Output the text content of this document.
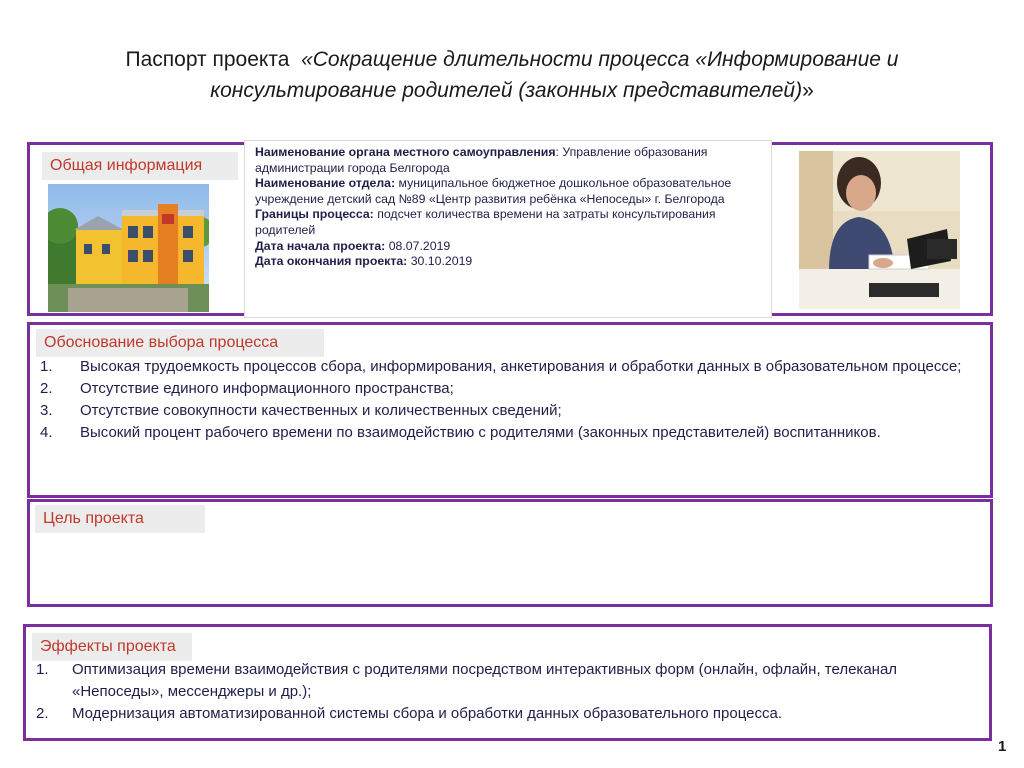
Паспорт проекта «Сокращение длительности процесса «Информирование и консультирование родителей (законных представителей)»
Общая информация
Наименование органа местного самоуправления: Управление образования администрации города Белгорода
Наименование отдела: муниципальное бюджетное дошкольное образовательное учреждение детский сад №89 «Центр развития ребёнка «Непоседы» г. Белгорода
Границы процесса: подсчет количества времени на затраты консультирования родителей
Дата начала проекта: 08.07.2019
Дата окончания проекта: 30.10.2019
Обоснование выбора процесса
1. Высокая трудоемкость процессов сбора, информирования, анкетирования и обработки данных в образовательном процессе;
2. Отсутствие единого информационного пространства;
3. Отсутствие совокупности качественных и количественных сведений;
4. Высокий процент рабочего времени по взаимодействию с родителями (законных представителей) воспитанников.
Цель проекта
Эффекты проекта
1. Оптимизация времени взаимодействия с родителями посредством интерактивных форм (онлайн, офлайн, телеканал «Непоседы», мессенджеры и др.);
2. Модернизация автоматизированной системы сбора и обработки данных образовательного процесса.
1
